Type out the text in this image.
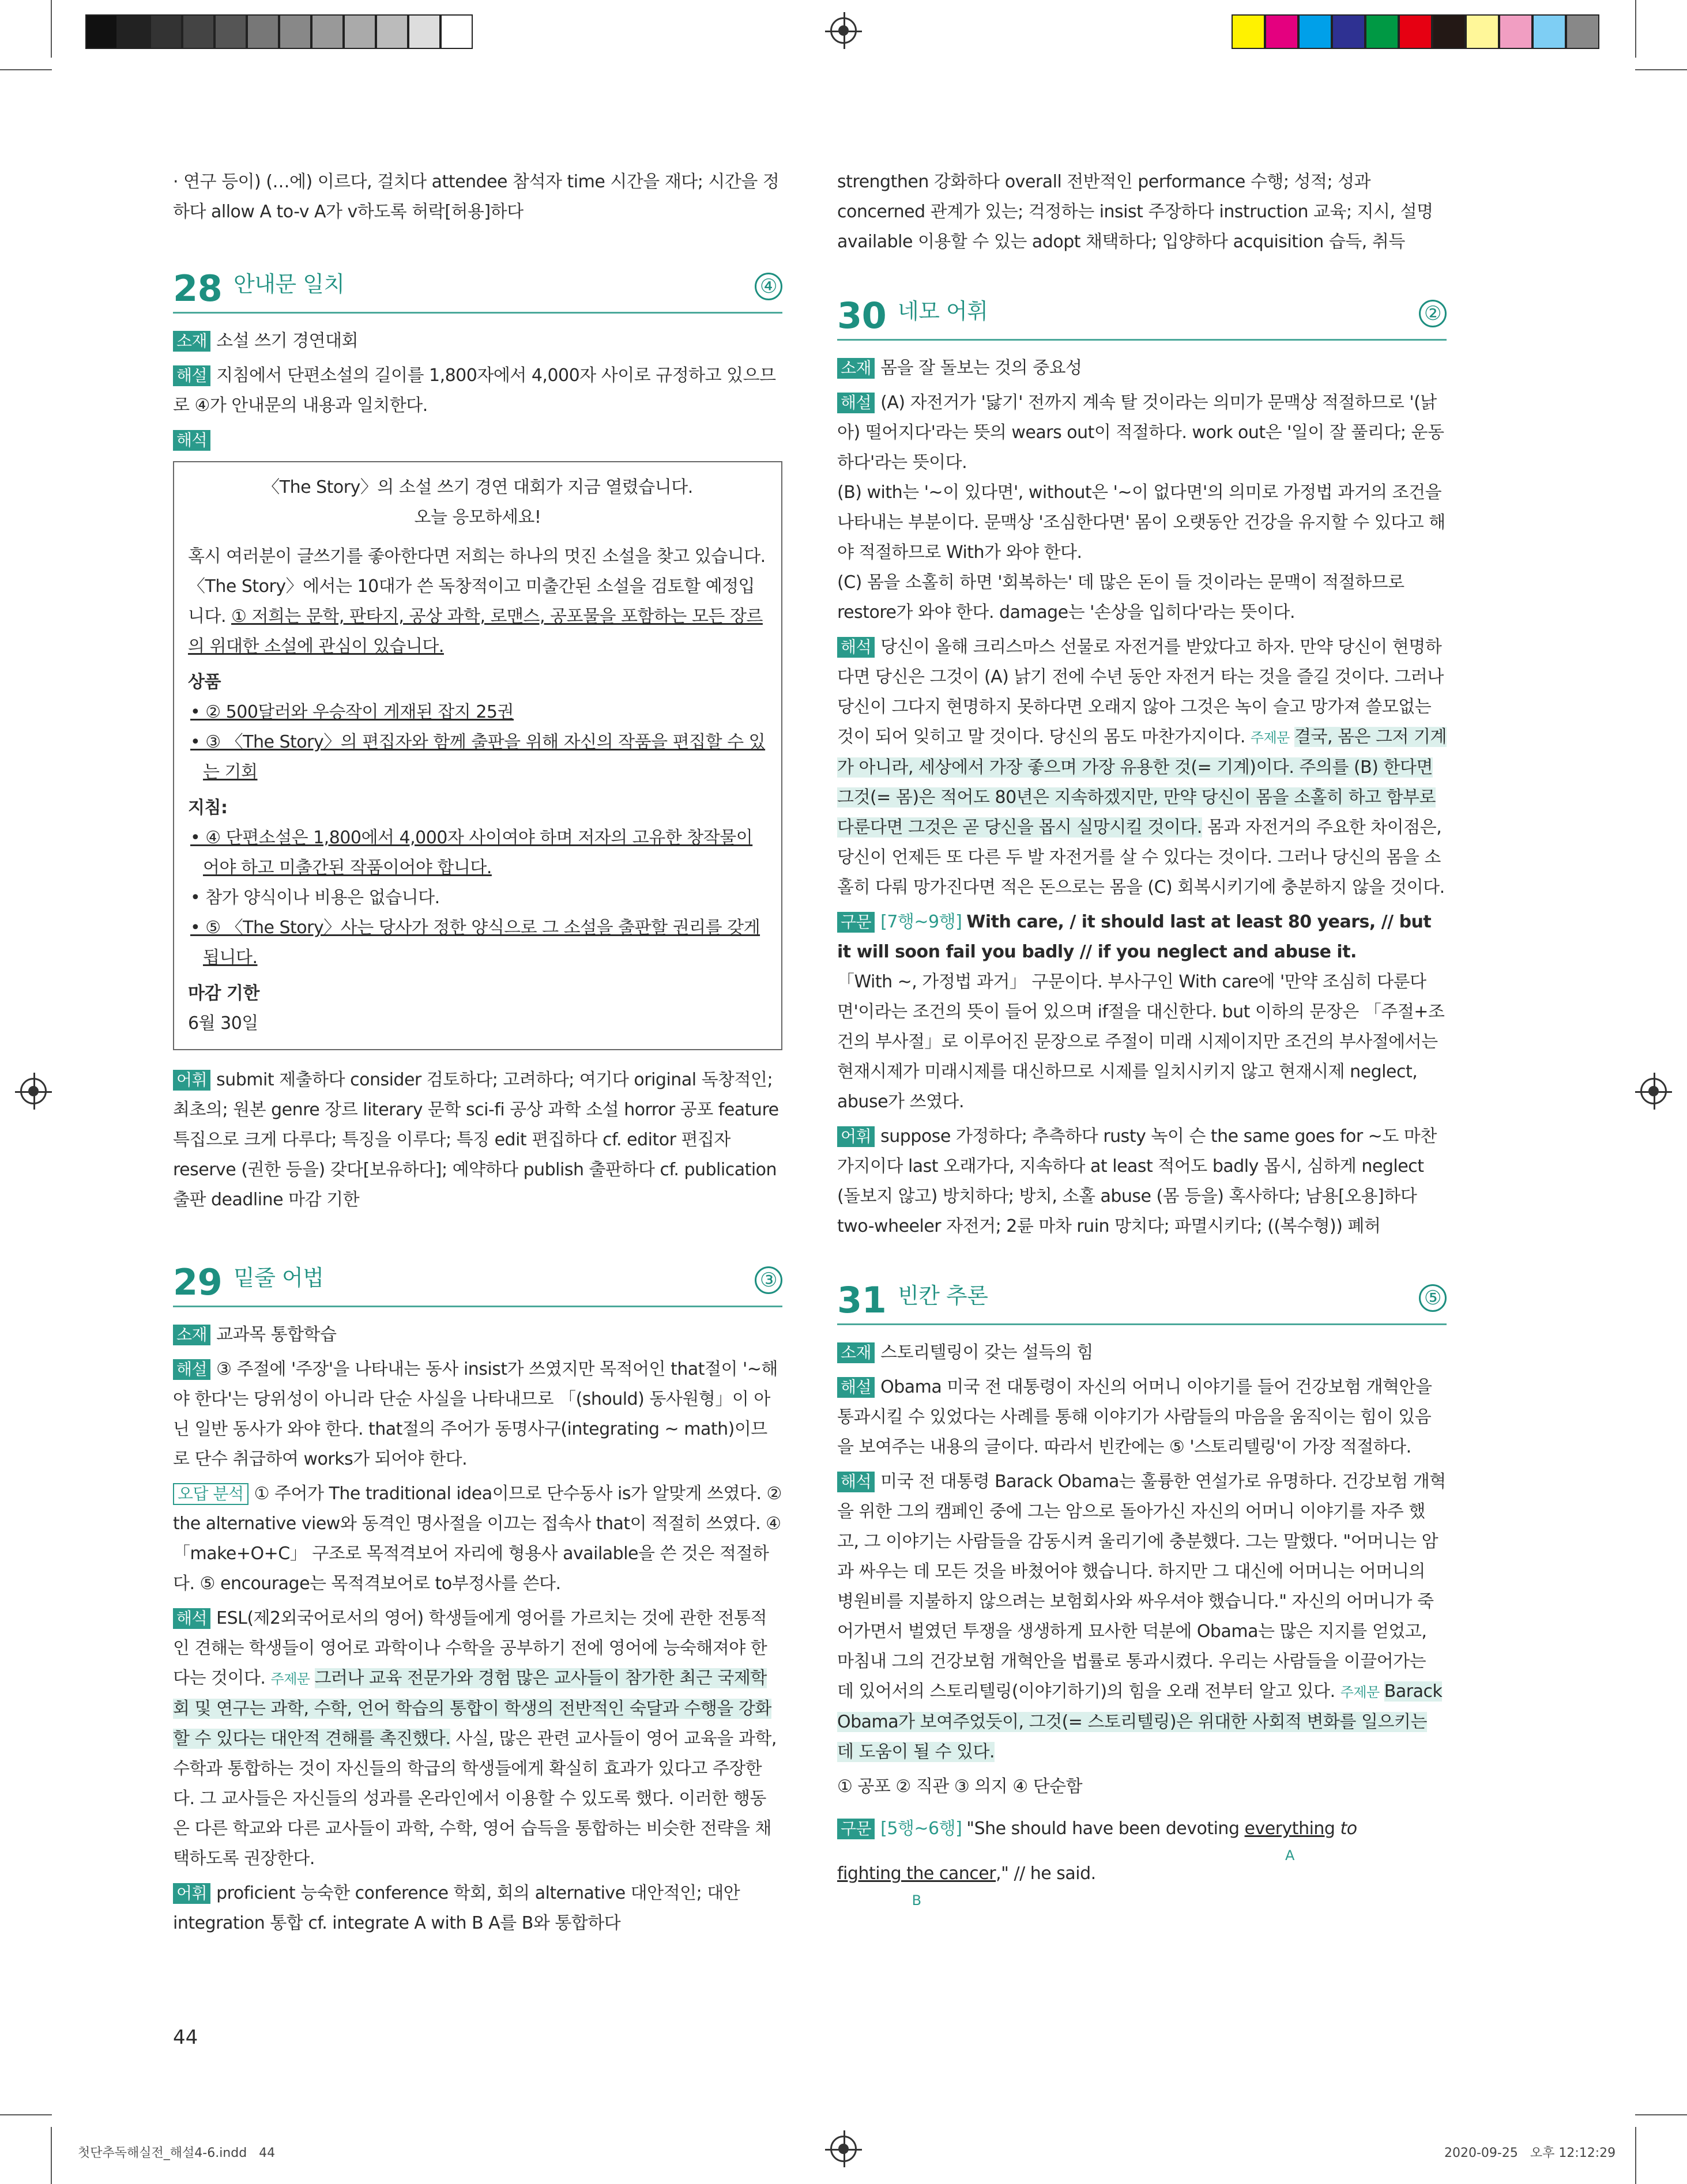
· 연구 등이) (…에) 이르다, 걸치다 attendee 참석자 time 시간을 재다; 시간을 정하다 allow A to-v A가 v하도록 허락[허용]하다

28 안내문 일치	④

소재 소설 쓰기 경연대회

해설 지침에서 단편소설의 길이를 1,800자에서 4,000자 사이로 규정하고 있으므로 ④가 안내문의 내용과 일치한다.

해석

〈The Story〉의 소설 쓰기 경연 대회가 지금 열렸습니다.
오늘 응모하세요!
혹시 여러분이 글쓰기를 좋아한다면 저희는 하나의 멋진 소설을 찾고 있습니다. 〈The Story〉에서는 10대가 쓴 독창적이고 미출간된 소설을 검토할 예정입니다. ① 저희는 문학, 판타지, 공상 과학, 로맨스, 공포물을 포함하는 모든 장르의 위대한 소설에 관심이 있습니다.
상품
• ② 500달러와 우승작이 게재된 잡지 25권
• ③ 〈The Story〉의 편집자와 함께 출판을 위해 자신의 작품을 편집할 수 있는 기회
지침:
• ④ 단편소설은 1,800에서 4,000자 사이여야 하며 저자의 고유한 창작물이어야 하고 미출간된 작품이어야 합니다.
• 참가 양식이나 비용은 없습니다.
• ⑤ 〈The Story〉사는 당사가 정한 양식으로 그 소설을 출판할 권리를 갖게 됩니다.
마감 기한
6월 30일

어휘 submit 제출하다 consider 검토하다; 고려하다; 여기다 original 독창적인; 최초의; 원본 genre 장르 literary 문학 sci-fi 공상 과학 소설 horror 공포 feature 특집으로 크게 다루다; 특징을 이루다; 특징 edit 편집하다 cf. editor 편집자 reserve (권한 등을) 갖다[보유하다]; 예약하다 publish 출판하다 cf. publication 출판 deadline 마감 기한

29 밑줄 어법	③

소재 교과목 통합학습

해설 ③ 주절에 '주장'을 나타내는 동사 insist가 쓰였지만 목적어인 that절이 '~해야 한다'는 당위성이 아니라 단순 사실을 나타내므로 「(should) 동사원형」이 아닌 일반 동사가 와야 한다. that절의 주어가 동명사구(integrating ~ math)이므로 단수 취급하여 works가 되어야 한다.

오답 분석 ① 주어가 The traditional idea이므로 단수동사 is가 알맞게 쓰였다. ② the alternative view와 동격인 명사절을 이끄는 접속사 that이 적절히 쓰였다. ④「make+O+C」 구조로 목적격보어 자리에 형용사 available을 쓴 것은 적절하다. ⑤ encourage는 목적격보어로 to부정사를 쓴다.

해석 ESL(제2외국어로서의 영어) 학생들에게 영어를 가르치는 것에 관한 전통적인 견해는 학생들이 영어로 과학이나 수학을 공부하기 전에 영어에 능숙해져야 한다는 것이다. 주제문 그러나 교육 전문가와 경험 많은 교사들이 참가한 최근 국제학회 및 연구는 과학, 수학, 언어 학습의 통합이 학생의 전반적인 숙달과 수행을 강화할 수 있다는 대안적 견해를 촉진했다. 사실, 많은 관련 교사들이 영어 교육을 과학, 수학과 통합하는 것이 자신들의 학급의 학생들에게 확실히 효과가 있다고 주장한다. 그 교사들은 자신들의 성과를 온라인에서 이용할 수 있도록 했다. 이러한 행동은 다른 학교와 다른 교사들이 과학, 수학, 영어 습득을 통합하는 비슷한 전략을 채택하도록 권장한다.

어휘 proficient 능숙한 conference 학회, 회의 alternative 대안적인; 대안 integration 통합 cf. integrate A with B A를 B와 통합하다

strengthen 강화하다 overall 전반적인 performance 수행; 성적; 성과 concerned 관계가 있는; 걱정하는 insist 주장하다 instruction 교육; 지시, 설명 available 이용할 수 있는 adopt 채택하다; 입양하다 acquisition 습득, 취득

30 네모 어휘	②

소재 몸을 잘 돌보는 것의 중요성

해설 (A) 자전거가 '닳기' 전까지 계속 탈 것이라는 의미가 문맥상 적절하므로 '(낡아) 떨어지다'라는 뜻의 wears out이 적절하다. work out은 '일이 잘 풀리다; 운동하다'라는 뜻이다.

(B) with는 '~이 있다면', without은 '~이 없다면'의 의미로 가정법 과거의 조건을 나타내는 부분이다. 문맥상 '조심한다면' 몸이 오랫동안 건강을 유지할 수 있다고 해야 적절하므로 With가 와야 한다.

(C) 몸을 소홀히 하면 '회복하는' 데 많은 돈이 들 것이라는 문맥이 적절하므로 restore가 와야 한다. damage는 '손상을 입히다'라는 뜻이다.

해석 당신이 올해 크리스마스 선물로 자전거를 받았다고 하자. 만약 당신이 현명하다면 당신은 그것이 (A) 낡기 전에 수년 동안 자전거 타는 것을 즐길 것이다. 그러나 당신이 그다지 현명하지 못하다면 오래지 않아 그것은 녹이 슬고 망가져 쓸모없는 것이 되어 잊히고 말 것이다. 당신의 몸도 마찬가지이다. 주제문 결국, 몸은 그저 기계가 아니라, 세상에서 가장 좋으며 가장 유용한 것(= 기계)이다. 주의를 (B) 한다면 그것(= 몸)은 적어도 80년은 지속하겠지만, 만약 당신이 몸을 소홀히 하고 함부로 다룬다면 그것은 곧 당신을 몹시 실망시킬 것이다. 몸과 자전거의 주요한 차이점은, 당신이 언제든 또 다른 두 발 자전거를 살 수 있다는 것이다. 그러나 당신의 몸을 소홀히 다뤄 망가진다면 적은 돈으로는 몸을 (C) 회복시키기에 충분하지 않을 것이다.

구문 [7행~9행] With care, / it should last at least 80 years, // but it will soon fail you badly // if you neglect and abuse it.

「With ~, 가정법 과거」 구문이다. 부사구인 With care에 '만약 조심히 다룬다면'이라는 조건의 뜻이 들어 있으며 if절을 대신한다. but 이하의 문장은 「주절+조건의 부사절」로 이루어진 문장으로 주절이 미래 시제이지만 조건의 부사절에서는 현재시제가 미래시제를 대신하므로 시제를 일치시키지 않고 현재시제 neglect, abuse가 쓰였다.

어휘 suppose 가정하다; 추측하다 rusty 녹이 슨 the same goes for ~도 마찬가지이다 last 오래가다, 지속하다 at least 적어도 badly 몹시, 심하게 neglect (돌보지 않고) 방치하다; 방치, 소홀 abuse (몸 등을) 혹사하다; 남용[오용]하다 two-wheeler 자전거; 2륜 마차 ruin 망치다; 파멸시키다; ((복수형)) 폐허

31 빈칸 추론	⑤

소재 스토리텔링이 갖는 설득의 힘

해설 Obama 미국 전 대통령이 자신의 어머니 이야기를 들어 건강보험 개혁안을 통과시킬 수 있었다는 사례를 통해 이야기가 사람들의 마음을 움직이는 힘이 있음을 보여주는 내용의 글이다. 따라서 빈칸에는 ⑤ '스토리텔링'이 가장 적절하다.

해석 미국 전 대통령 Barack Obama는 훌륭한 연설가로 유명하다. 건강보험 개혁을 위한 그의 캠페인 중에 그는 암으로 돌아가신 자신의 어머니 이야기를 자주 했고, 그 이야기는 사람들을 감동시켜 울리기에 충분했다. 그는 말했다. "어머니는 암과 싸우는 데 모든 것을 바쳤어야 했습니다. 하지만 그 대신에 어머니는 어머니의 병원비를 지불하지 않으려는 보험회사와 싸우셔야 했습니다." 자신의 어머니가 죽어가면서 벌였던 투쟁을 생생하게 묘사한 덕분에 Obama는 많은 지지를 얻었고, 마침내 그의 건강보험 개혁안을 법률로 통과시켰다. 우리는 사람들을 이끌어가는 데 있어서의 스토리텔링(이야기하기)의 힘을 오래 전부터 알고 있다. 주제문 Barack Obama가 보여주었듯이, 그것(= 스토리텔링)은 위대한 사회적 변화를 일으키는 데 도움이 될 수 있다.

① 공포 ② 직관 ③ 의지 ④ 단순함

구문 [5행~6행] "She should have been devoting everything
A
to fighting the cancer
B
," // he said.

44
첫단추독해실전_해설4-6.indd   44	2020-09-25   오후 12:12:29
